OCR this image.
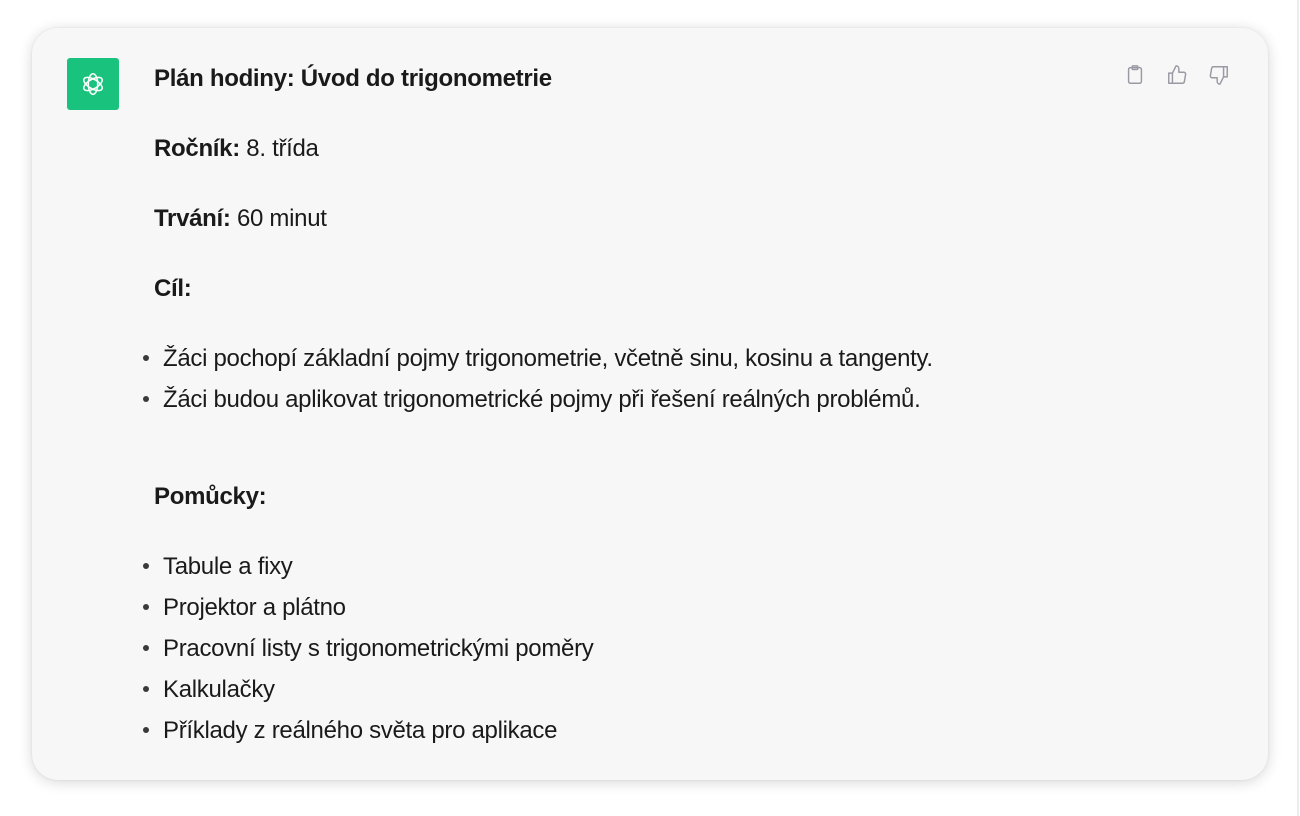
Plán hodiny: Úvod do trigonometrie
Ročník: 8. třída
Trvání: 60 minut
Cíl:
Žáci pochopí základní pojmy trigonometrie, včetně sinu, kosinu a tangenty.
Žáci budou aplikovat trigonometrické pojmy při řešení reálných problémů.
Pomůcky:
Tabule a fixy
Projektor a plátno
Pracovní listy s trigonometrickými poměry
Kalkulačky
Příklady z reálného světa pro aplikace
